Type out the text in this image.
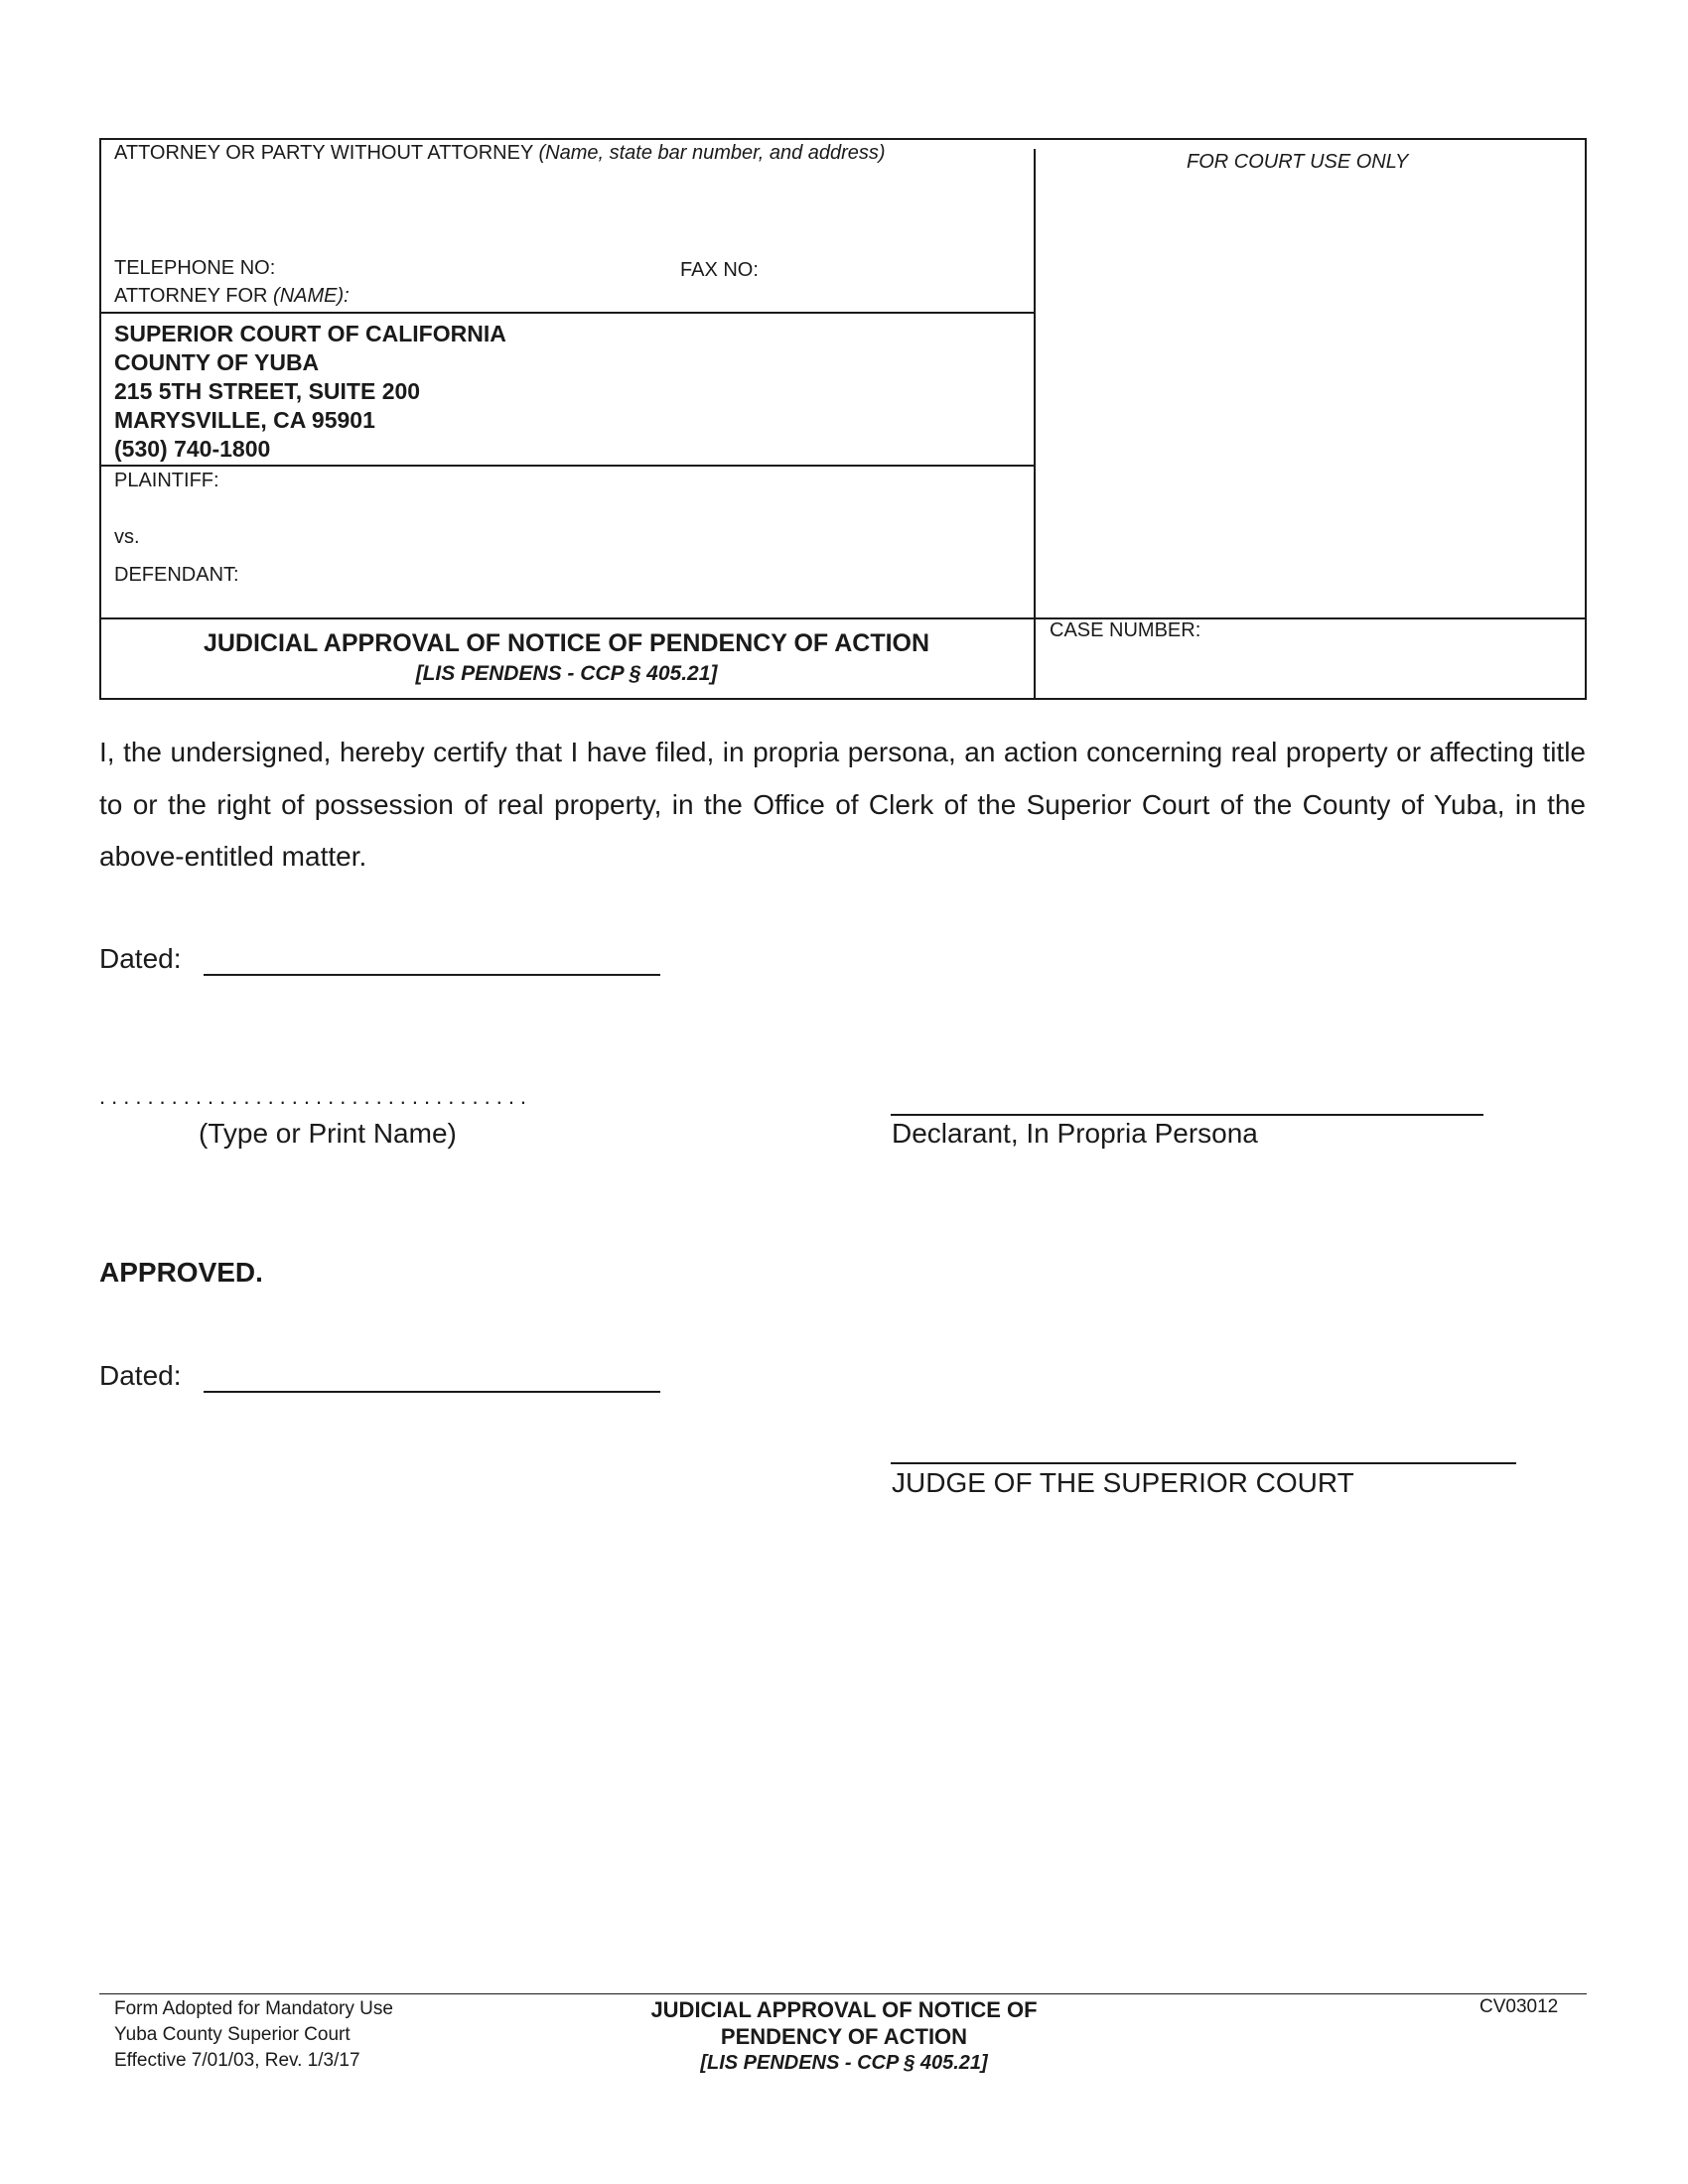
ATTORNEY OR PARTY WITHOUT ATTORNEY (Name, state bar number, and address)	FOR COURT USE ONLY
TELEPHONE NO:	FAX NO:
ATTORNEY FOR (NAME):
SUPERIOR COURT OF CALIFORNIA
COUNTY OF YUBA
215 5TH STREET, SUITE 200
MARYSVILLE, CA 95901
(530) 740-1800
PLAINTIFF:
vs.
DEFENDANT:
JUDICIAL APPROVAL OF NOTICE OF PENDENCY OF ACTION
[LIS PENDENS - CCP § 405.21]
CASE NUMBER:
I, the undersigned, hereby certify that I have filed, in propria persona, an action concerning real property or affecting title to or the right of possession of real property, in the Office of Clerk of the Superior Court of the County of Yuba, in the above-entitled matter.
Dated:
....................................
(Type or Print Name)	Declarant, In Propria Persona
APPROVED.
Dated:
JUDGE OF THE SUPERIOR COURT
Form Adopted for Mandatory Use
Yuba County Superior Court
Effective 7/01/03, Rev. 1/3/17
JUDICIAL APPROVAL OF NOTICE OF
PENDENCY OF ACTION
[LIS PENDENS - CCP § 405.21]
CV03012
